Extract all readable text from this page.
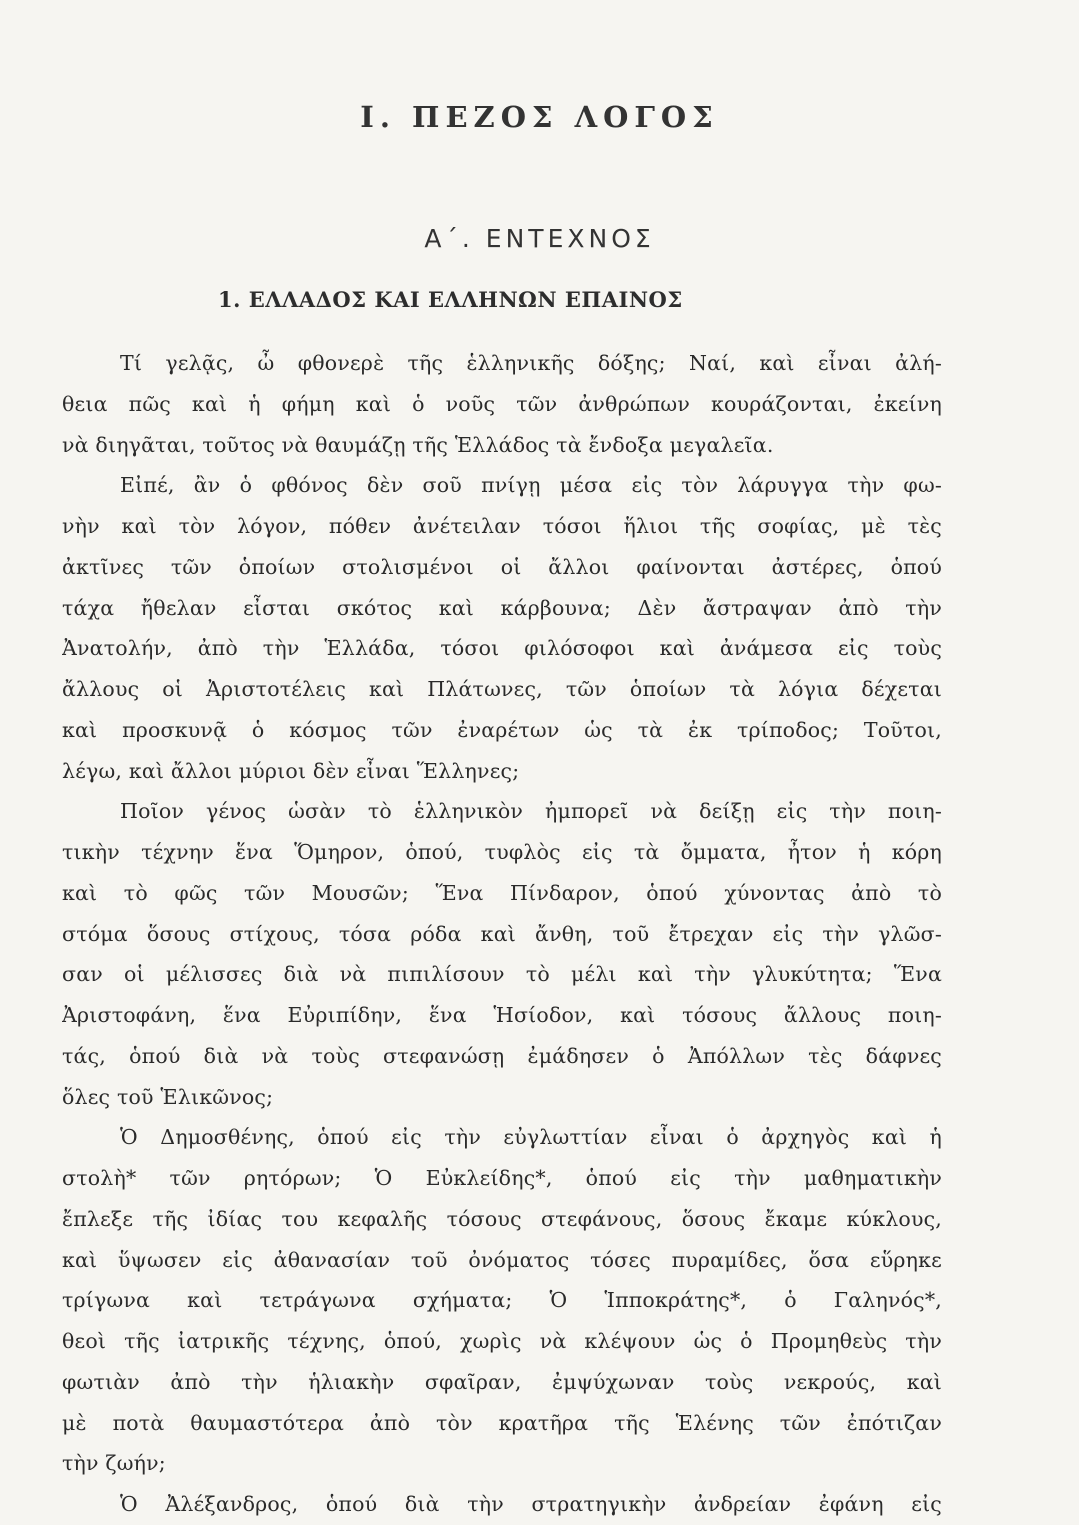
Ι. ΠΕΖΟΣ ΛΟΓΟΣ
Α΄. ΕΝΤΕΧΝΟΣ
1. ΕΛΛΑΔΟΣ ΚΑΙ ΕΛΛΗΝΩΝ ΕΠΑΙΝΟΣ
Τί γελᾷς, ὦ φθονερὲ τῆς ἑλληνικῆς δόξης; Ναί, καὶ εἶναι ἀλή-
θεια πῶς καὶ ἡ φήμη καὶ ὁ νοῦς τῶν ἀνθρώπων κουράζονται, ἐκείνη
νὰ διηγᾶται, τοῦτος νὰ θαυμάζῃ τῆς Ἑλλάδος τὰ ἔνδοξα μεγαλεῖα.
Εἰπέ, ἂν ὁ φθόνος δὲν σοῦ πνίγῃ μέσα εἰς τὸν λάρυγγα τὴν φω-
νὴν καὶ τὸν λόγον, πόθεν ἀνέτειλαν τόσοι ἥλιοι τῆς σοφίας, μὲ τὲς
ἀκτῖνες τῶν ὁποίων στολισμένοι οἱ ἄλλοι φαίνονται ἀστέρες, ὁπού
τάχα ἤθελαν εἶσται σκότος καὶ κάρβουνα; Δὲν ἄστραψαν ἀπὸ τὴν
Ἀνατολήν, ἀπὸ τὴν Ἑλλάδα, τόσοι φιλόσοφοι καὶ ἀνάμεσα εἰς τοὺς
ἄλλους οἱ Ἀριστοτέλεις καὶ Πλάτωνες, τῶν ὁποίων τὰ λόγια δέχεται
καὶ προσκυνᾷ ὁ κόσμος τῶν ἐναρέτων ὡς τὰ ἐκ τρίποδος; Τοῦτοι,
λέγω, καὶ ἄλλοι μύριοι δὲν εἶναι Ἕλληνες;
Ποῖον γένος ὡσὰν τὸ ἑλληνικὸν ἠμπορεῖ νὰ δείξῃ εἰς τὴν ποιη-
τικὴν τέχνην ἕνα Ὅμηρον, ὁπού, τυφλὸς εἰς τὰ ὄμματα, ἦτον ἡ κόρη
καὶ τὸ φῶς τῶν Μουσῶν; Ἕνα Πίνδαρον, ὁπού χύνοντας ἀπὸ τὸ
στόμα ὅσους στίχους, τόσα ρόδα καὶ ἄνθη, τοῦ ἔτρεχαν εἰς τὴν γλῶσ-
σαν οἱ μέλισσες διὰ νὰ πιπιλίσουν τὸ μέλι καὶ τὴν γλυκύτητα; Ἕνα
Ἀριστοφάνη, ἕνα Εὐριπίδην, ἕνα Ἡσίοδον, καὶ τόσους ἄλλους ποιη-
τάς, ὁπού διὰ νὰ τοὺς στεφανώσῃ ἐμάδησεν ὁ Ἀπόλλων τὲς δάφνες
ὅλες τοῦ Ἑλικῶνος;
Ὁ Δημοσθένης, ὁπού εἰς τὴν εὐγλωττίαν εἶναι ὁ ἀρχηγὸς καὶ ἡ
στολὴ* τῶν ρητόρων; Ὁ Εὐκλείδης*, ὁπού εἰς τὴν μαθηματικὴν
ἔπλεξε τῆς ἰδίας του κεφαλῆς τόσους στεφάνους, ὅσους ἔκαμε κύκλους,
καὶ ὕψωσεν εἰς ἀθανασίαν τοῦ ὀνόματος τόσες πυραμίδες, ὅσα εὕρηκε
τρίγωνα καὶ τετράγωνα σχήματα; Ὁ Ἱπποκράτης*, ὁ Γαληνός*,
θεοὶ τῆς ἰατρικῆς τέχνης, ὁπού, χωρὶς νὰ κλέψουν ὡς ὁ Προμηθεὺς τὴν
φωτιὰν ἀπὸ τὴν ἡλιακὴν σφαῖραν, ἐμψύχωναν τοὺς νεκρούς, καὶ
μὲ ποτὰ θαυμαστότερα ἀπὸ τὸν κρατῆρα τῆς Ἑλένης τῶν ἐπότιζαν
τὴν ζωήν;
Ὁ Ἀλέξανδρος, ὁπού διὰ τὴν στρατηγικὴν ἀνδρείαν ἐφάνη εἰς
